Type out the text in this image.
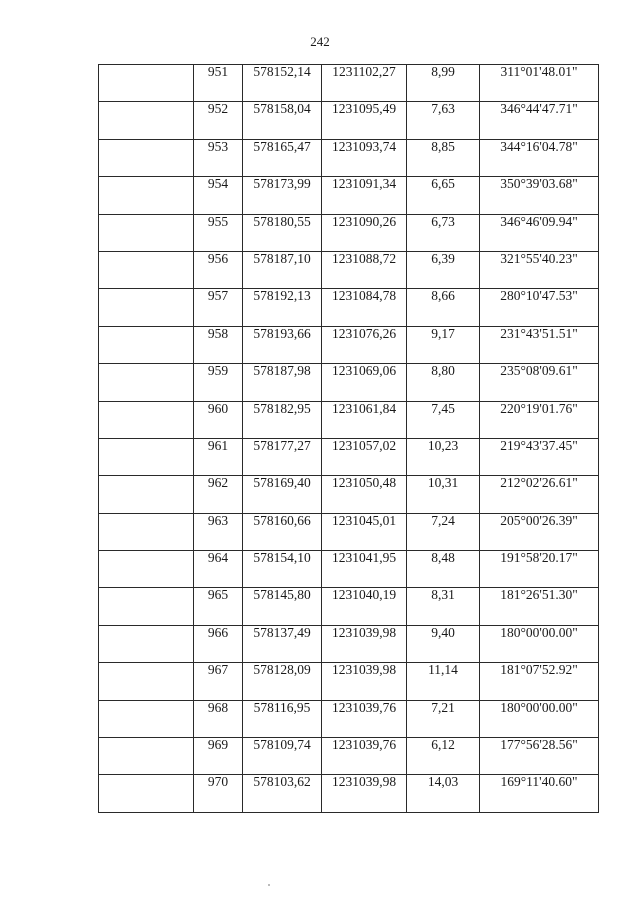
242
	951	578152,14	1231102,27	8,99	311°01'48.01"
	952	578158,04	1231095,49	7,63	346°44'47.71"
	953	578165,47	1231093,74	8,85	344°16'04.78"
	954	578173,99	1231091,34	6,65	350°39'03.68"
	955	578180,55	1231090,26	6,73	346°46'09.94"
	956	578187,10	1231088,72	6,39	321°55'40.23"
	957	578192,13	1231084,78	8,66	280°10'47.53"
	958	578193,66	1231076,26	9,17	231°43'51.51"
	959	578187,98	1231069,06	8,80	235°08'09.61"
	960	578182,95	1231061,84	7,45	220°19'01.76"
	961	578177,27	1231057,02	10,23	219°43'37.45"
	962	578169,40	1231050,48	10,31	212°02'26.61"
	963	578160,66	1231045,01	7,24	205°00'26.39"
	964	578154,10	1231041,95	8,48	191°58'20.17"
	965	578145,80	1231040,19	8,31	181°26'51.30"
	966	578137,49	1231039,98	9,40	180°00'00.00"
	967	578128,09	1231039,98	11,14	181°07'52.92"
	968	578116,95	1231039,76	7,21	180°00'00.00"
	969	578109,74	1231039,76	6,12	177°56'28.56"
	970	578103,62	1231039,98	14,03	169°11'40.60"
